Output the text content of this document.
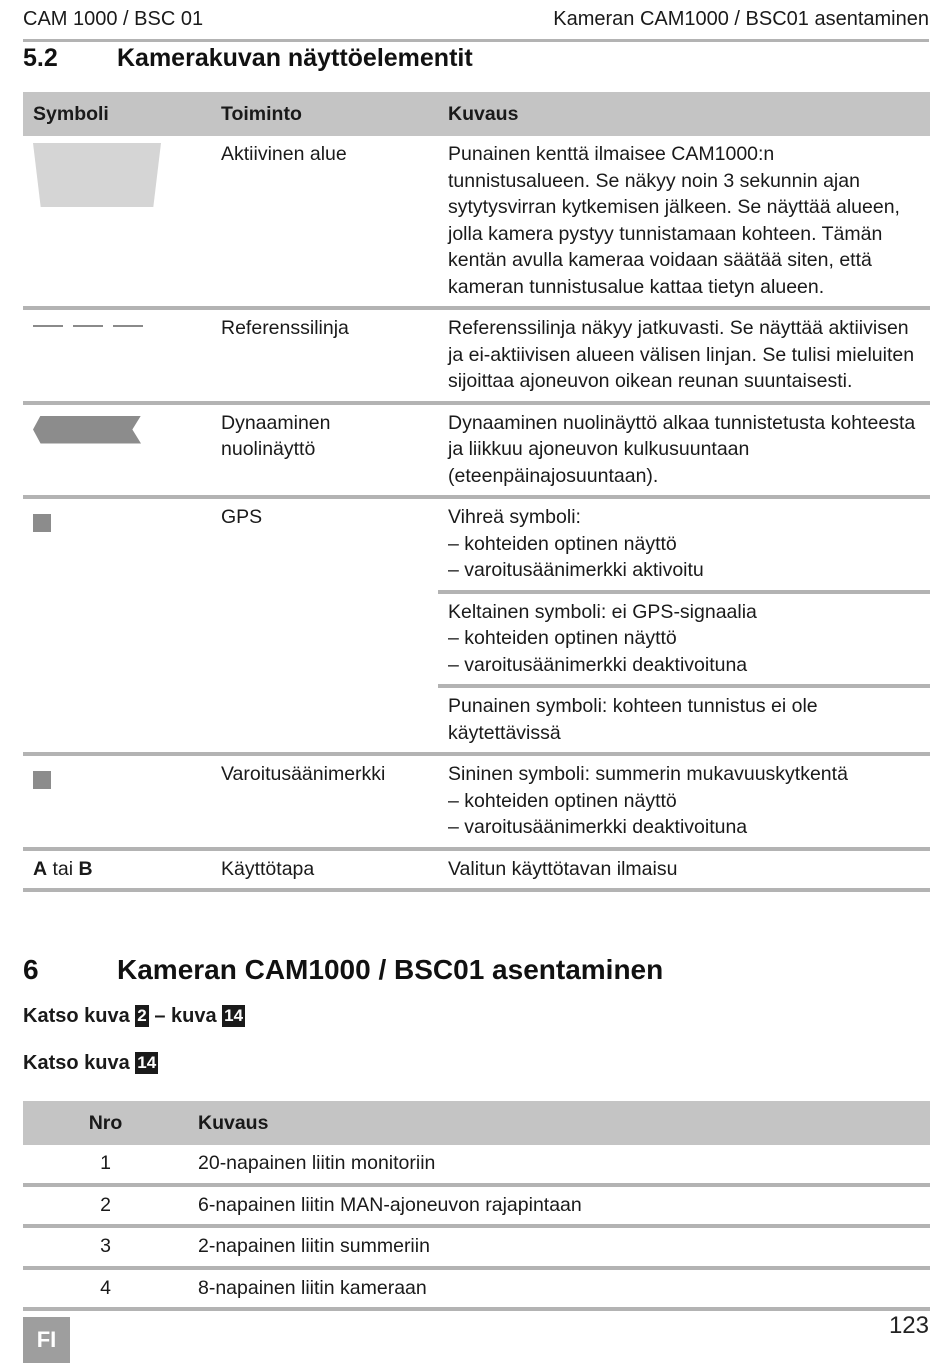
CAM 1000 / BSC 01	Kameran CAM1000 / BSC01 asentaminen
5.2 Kamerakuvan näyttöelementit
Symboli	Toiminto	Kuvaus

	Aktiivinen alue	Punainen kenttä ilmaisee CAM1000:n tunnistusalueen. Se näkyy noin 3 sekunnin ajan sytytysvirran kytkemisen jälkeen. Se näyttää alueen, jolla kamera pystyy tunnistamaan kohteen. Tämän kentän avulla kameraa voidaan säätää siten, että kameran tunnistusalue kattaa tietyn alueen.

	Referenssilinja	Referenssilinja näkyy jatkuvasti. Se näyttää aktiivisen ja ei-aktiivisen alueen välisen linjan. Se tulisi mieluiten sijoittaa ajoneuvon oikean reunan suuntaisesti.

	Dynaaminen nuolinäyttö	Dynaaminen nuolinäyttö alkaa tunnistetusta kohteesta ja liikkuu ajoneuvon kulkusuuntaan (eteenpäinajosuuntaan).

	GPS	Vihreä symboli:
– kohteiden optinen näyttö
– varoitusäänimerkki aktivoitu

		Keltainen symboli: ei GPS-signaalia
– kohteiden optinen näyttö
– varoitusäänimerkki deaktivoituna

		Punainen symboli: kohteen tunnistus ei ole käytettävissä

	Varoitusäänimerkki	Sininen symboli: summerin mukavuuskytkentä
– kohteiden optinen näyttö
– varoitusäänimerkki deaktivoituna

A tai B	Käyttötapa	Valitun käyttötavan ilmaisu
6	Kameran CAM1000 / BSC01 asentaminen
Katso kuva 2 – kuva 14
Katso kuva 14
Nro	Kuvaus
1	20-napainen liitin monitoriin
2	6-napainen liitin MAN-ajoneuvon rajapintaan
3	2-napainen liitin summeriin
4	8-napainen liitin kameraan
FI
123
